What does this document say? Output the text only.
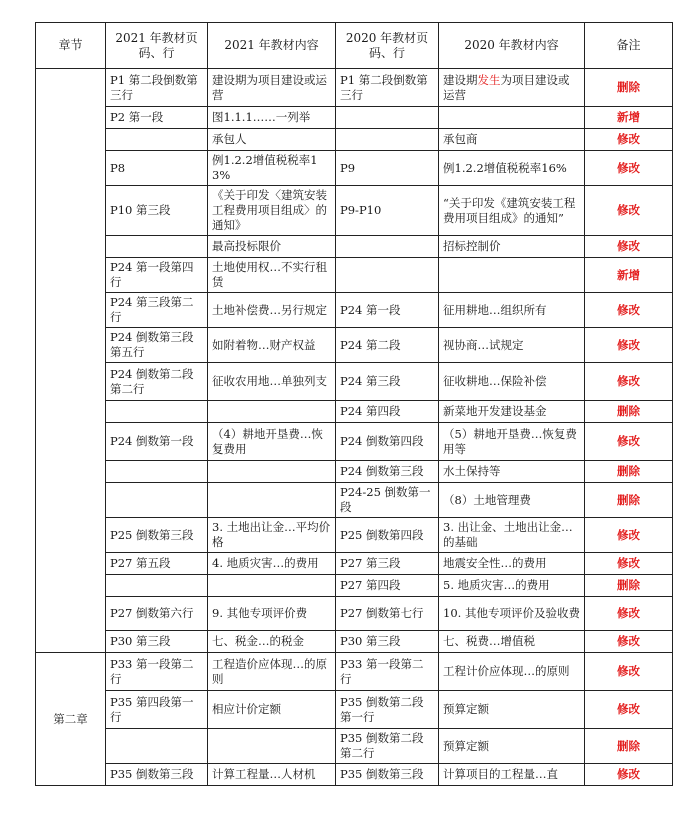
章节	2021 年教材页码、行	2021 年教材内容	2020 年教材页码、行	2020 年教材内容	备注
	P1 第二段倒数第三行	建设期为项目建设或运营	P1 第二段倒数第三行	建设期发生为项目建设或运营	删除
	P2 第一段	图1.1.1……一列举			新增
		承包人		承包商	修改
	P8	例1.2.2增值税税率13%	P9	例1.2.2增值税税率16%	修改
	P10 第三段	《关于印发〈建筑安装工程费用项目组成〉的通知》	P9-P10	“关于印发《建筑安装工程费用项目组成》的通知”	修改
		最高投标限价		招标控制价	修改
	P24 第一段第四行	土地使用权…不实行租赁			新增
	P24 第三段第二行	土地补偿费…另行规定	P24 第一段	征用耕地…组织所有	修改
	P24 倒数第三段第五行	如附着物…财产权益	P24 第二段	视协商…试规定	修改
	P24 倒数第二段第二行	征收农用地…单独列支	P24 第三段	征收耕地…保险补偿	修改
			P24 第四段	新菜地开发建设基金	删除
	P24 倒数第一段	（4）耕地开垦费…恢复费用	P24 倒数第四段	（5）耕地开垦费…恢复费用等	修改
			P24 倒数第三段	水土保持等	删除
			P24-25 倒数第一段	（8）土地管理费	删除
	P25 倒数第三段	3. 土地出让金…平均价格	P25 倒数第四段	3. 出让金、土地出让金…的基础	修改
	P27 第五段	4. 地质灾害…的费用	P27 第三段	地震安全性…的费用	修改
			P27 第四段	5. 地质灾害…的费用	删除
	P27 倒数第六行	9. 其他专项评价费	P27 倒数第七行	10. 其他专项评价及验收费	修改
	P30 第三段	七、税金…的税金	P30 第三段	七、税费…增值税	修改
第二章	P33 第一段第二行	工程造价应体现…的原则	P33 第一段第二行	工程计价应体现…的原则	修改
	P35 第四段第一行	相应计价定额	P35 倒数第二段第一行	预算定额	修改
			P35 倒数第二段第二行	预算定额	删除
	P35 倒数第三段	计算工程量…人材机	P35 倒数第三段	计算项目的工程量…直	修改
